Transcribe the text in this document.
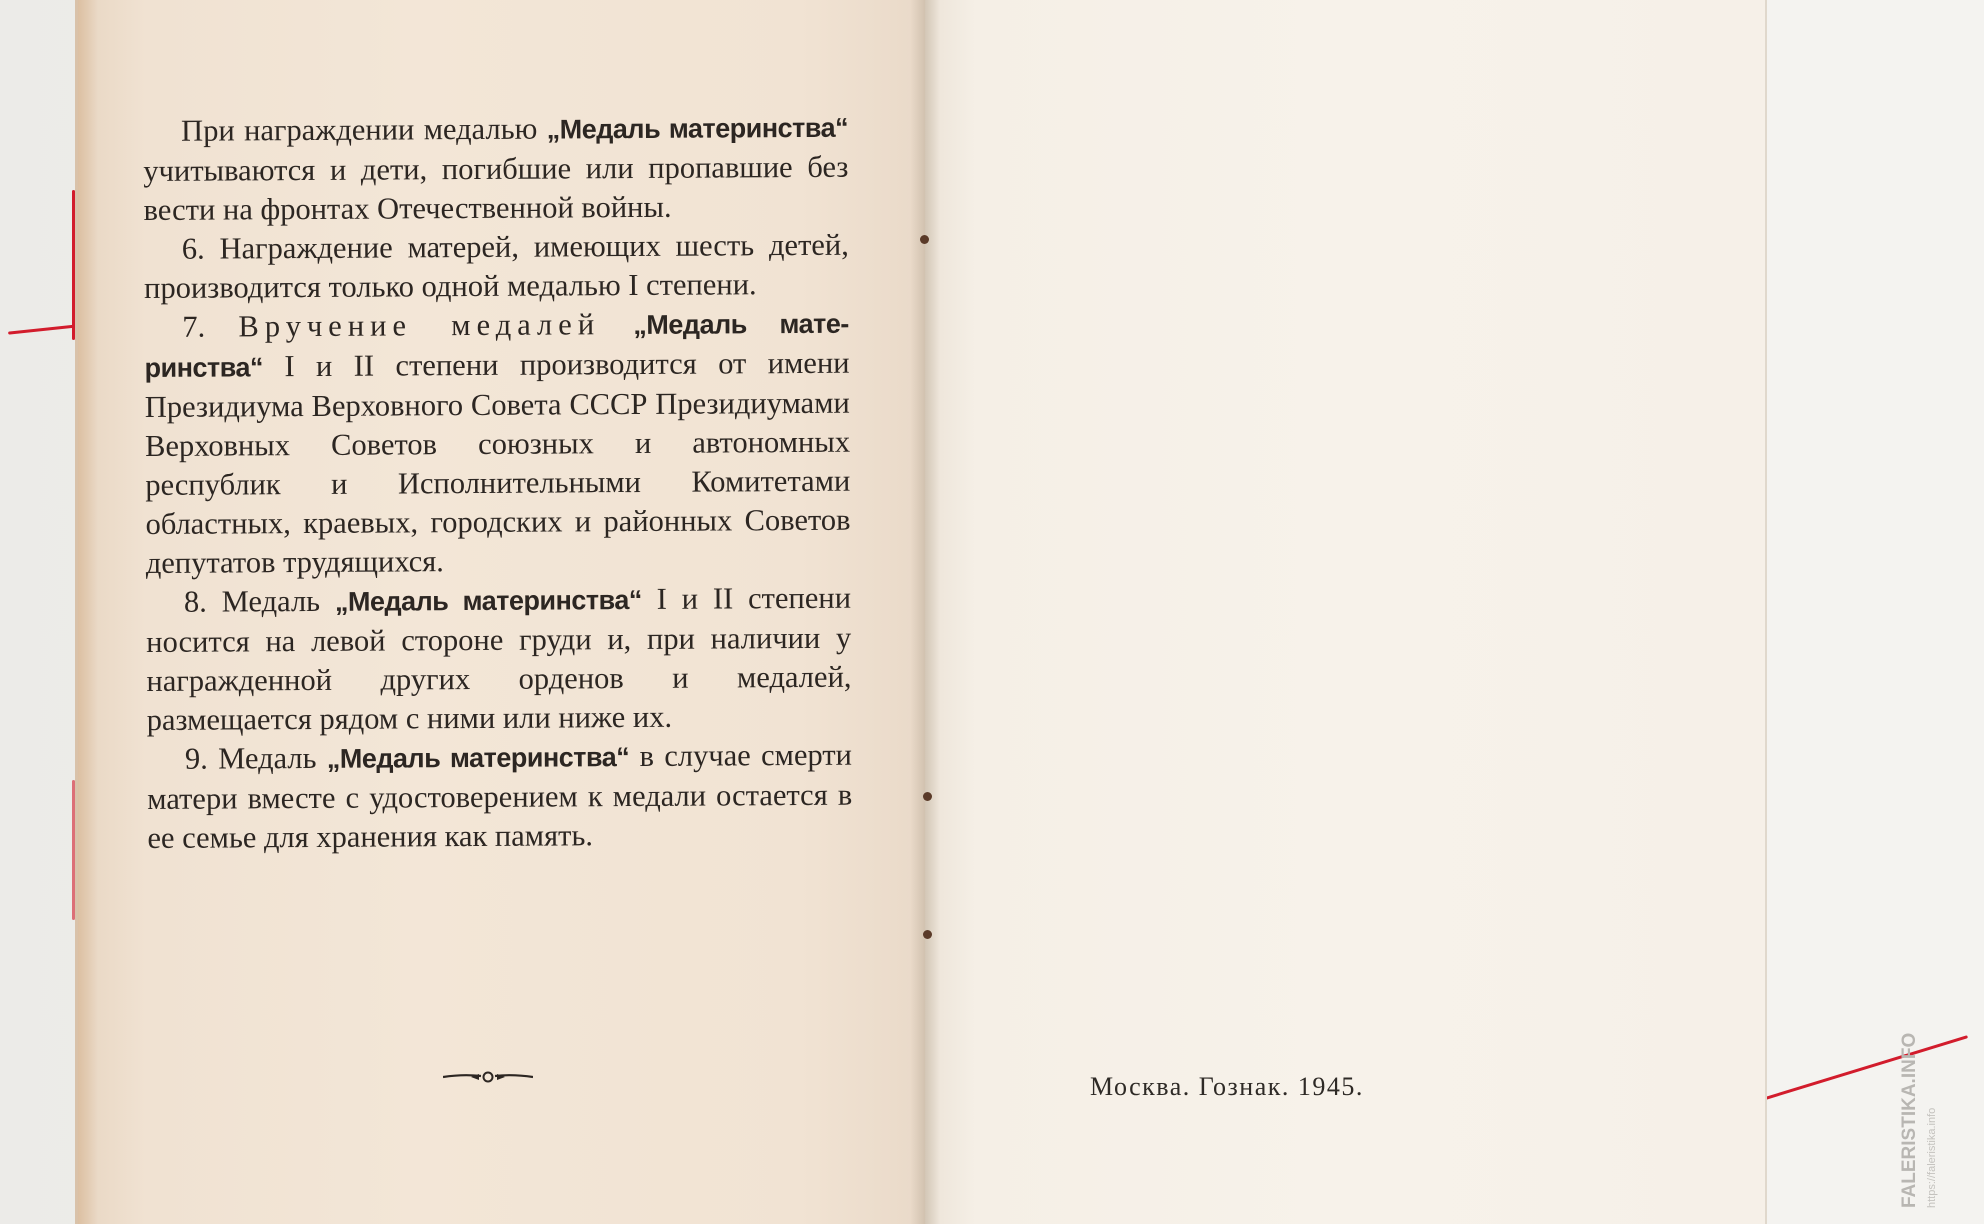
При награждении медалью „Медаль материнства“ учитываются и дети, погибшие или пропавшие без вести на фронтах Отечественной войны.

6. Награждение матерей, имеющих шесть детей, производится только одной медалью I степени.

7. Вручение медалей „Медаль материнства“ I и II степени производится от имени Президиума Верховного Совета СССР Президиумами Верховных Советов союзных и автономных республик и Исполнительными Комитетами областных, краевых, городских и районных Советов депутатов трудящихся.

8. Медаль „Медаль материнства“ I и II степени носится на левой стороне груди и, при наличии у награжденной других орденов и медалей, размещается рядом с ними или ниже их.

9. Медаль „Медаль материнства“ в случае смерти матери вместе с удостоверением к медали остается в ее семье для хранения как память.

Москва. Гознак. 1945.	FALERISTIKA.INFO https://faleristika.info
